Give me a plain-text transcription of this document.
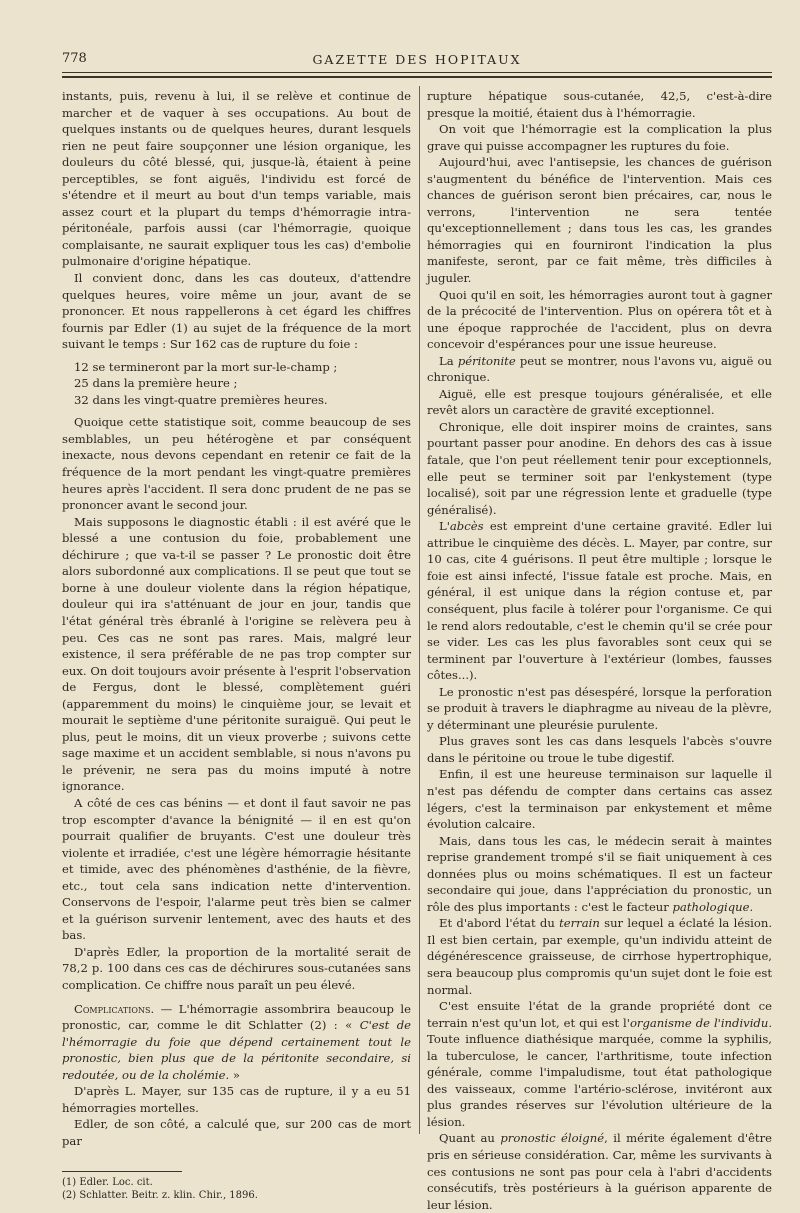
778	GAZETTE DES HOPITAUX

instants, puis, revenu à lui, il se relève et continue de marcher et de vaquer à ses occupations. Au bout de quelques instants ou de quelques heures, durant lesquels rien ne peut faire soupçonner une lésion organique, les douleurs du côté blessé, qui, jusque-là, étaient à peine perceptibles, se font aiguës, l'individu est forcé de s'étendre et il meurt au bout d'un temps variable, mais assez court et la plupart du temps d'hémorragie intra-péritonéale, parfois aussi (car l'hémorragie, quoique complaisante, ne saurait expliquer tous les cas) d'embolie pulmonaire d'origine hépatique.

Il convient donc, dans les cas douteux, d'attendre quelques heures, voire même un jour, avant de se prononcer. Et nous rappellerons à cet égard les chiffres fournis par Edler (1) au sujet de la fréquence de la mort suivant le temps : Sur 162 cas de rupture du foie :

12 se termineront par la mort sur-le-champ ;
25 dans la première heure ;
32 dans les vingt-quatre premières heures.

Quoique cette statistique soit, comme beaucoup de ses semblables, un peu hétérogène et par conséquent inexacte, nous devons cependant en retenir ce fait de la fréquence de la mort pendant les vingt-quatre premières heures après l'accident. Il sera donc prudent de ne pas se prononcer avant le second jour.

Mais supposons le diagnostic établi : il est avéré que le blessé a une contusion du foie, probablement une déchirure ; que va-t-il se passer ? Le pronostic doit être alors subordonné aux complications. Il se peut que tout se borne à une douleur violente dans la région hépatique, douleur qui ira s'atténuant de jour en jour, tandis que l'état général très ébranlé à l'origine se relèvera peu à peu. Ces cas ne sont pas rares. Mais, malgré leur existence, il sera préférable de ne pas trop compter sur eux. On doit toujours avoir présente à l'esprit l'observation de Fergus, dont le blessé, complètement guéri (apparemment du moins) le cinquième jour, se levait et mourait le septième d'une péritonite suraiguë. Qui peut le plus, peut le moins, dit un vieux proverbe ; suivons cette sage maxime et un accident semblable, si nous n'avons pu le prévenir, ne sera pas du moins imputé à notre ignorance.

A côté de ces cas bénins — et dont il faut savoir ne pas trop escompter d'avance la bénignité — il en est qu'on pourrait qualifier de bruyants. C'est une douleur très violente et irradiée, c'est une légère hémorragie hésitante et timide, avec des phénomènes d'asthénie, de la fièvre, etc., tout cela sans indication nette d'intervention. Conservons de l'espoir, l'alarme peut très bien se calmer et la guérison survenir lentement, avec des hauts et des bas.

D'après Edler, la proportion de la mortalité serait de 78,2 p. 100 dans ces cas de déchirures sous-cutanées sans complication. Ce chiffre nous paraît un peu élevé.

Complications. — L'hémorragie assombrira beaucoup le pronostic, car, comme le dit Schlatter (2) : « C'est de l'hémorragie du foie que dépend certainement tout le pronostic, bien plus que de la péritonite secondaire, si redoutée, ou de la cholémie. »

D'après L. Mayer, sur 135 cas de rupture, il y a eu 51 hémorragies mortelles.

Edler, de son côté, a calculé que, sur 200 cas de mort par

(1) Edler. Loc. cit.
(2) Schlatter. Beitr. z. klin. Chir., 1896.

rupture hépatique sous-cutanée, 42,5, c'est-à-dire presque la moitié, étaient dus à l'hémorragie.

On voit que l'hémorragie est la complication la plus grave qui puisse accompagner les ruptures du foie.

Aujourd'hui, avec l'antisepsie, les chances de guérison s'augmentent du bénéfice de l'intervention. Mais ces chances de guérison seront bien précaires, car, nous le verrons, l'intervention ne sera tentée qu'exceptionnellement ; dans tous les cas, les grandes hémorragies qui en fourniront l'indication la plus manifeste, seront, par ce fait même, très difficiles à juguler.

Quoi qu'il en soit, les hémorragies auront tout à gagner de la précocité de l'intervention. Plus on opérera tôt et à une époque rapprochée de l'accident, plus on devra concevoir d'espérances pour une issue heureuse.

La péritonite peut se montrer, nous l'avons vu, aiguë ou chronique.

Aiguë, elle est presque toujours généralisée, et elle revêt alors un caractère de gravité exceptionnel.

Chronique, elle doit inspirer moins de craintes, sans pourtant passer pour anodine. En dehors des cas à issue fatale, que l'on peut réellement tenir pour exceptionnels, elle peut se terminer soit par l'enkystement (type localisé), soit par une régression lente et graduelle (type généralisé).

L'abcès est empreint d'une certaine gravité. Edler lui attribue le cinquième des décès. L. Mayer, par contre, sur 10 cas, cite 4 guérisons. Il peut être multiple ; lorsque le foie est ainsi infecté, l'issue fatale est proche. Mais, en général, il est unique dans la région contuse et, par conséquent, plus facile à tolérer pour l'organisme. Ce qui le rend alors redoutable, c'est le chemin qu'il se crée pour se vider. Les cas les plus favorables sont ceux qui se terminent par l'ouverture à l'extérieur (lombes, fausses côtes...).

Le pronostic n'est pas désespéré, lorsque la perforation se produit à travers le diaphragme au niveau de la plèvre, y déterminant une pleurésie purulente.

Plus graves sont les cas dans lesquels l'abcès s'ouvre dans le péritoine ou troue le tube digestif.

Enfin, il est une heureuse terminaison sur laquelle il n'est pas défendu de compter dans certains cas assez légers, c'est la terminaison par enkystement et même évolution calcaire.

Mais, dans tous les cas, le médecin serait à maintes reprise grandement trompé s'il se fiait uniquement à ces données plus ou moins schématiques. Il est un facteur secondaire qui joue, dans l'appréciation du pronostic, un rôle des plus importants : c'est le facteur pathologique.

Et d'abord l'état du terrain sur lequel a éclaté la lésion. Il est bien certain, par exemple, qu'un individu atteint de dégénérescence graisseuse, de cirrhose hypertrophique, sera beaucoup plus compromis qu'un sujet dont le foie est normal.

C'est ensuite l'état de la grande propriété dont ce terrain n'est qu'un lot, et qui est l'organisme de l'individu. Toute influence diathésique marquée, comme la syphilis, la tuberculose, le cancer, l'arthritisme, toute infection générale, comme l'impaludisme, tout état pathologique des vaisseaux, comme l'artério-sclérose, invitéront aux plus grandes réserves sur l'évolution ultérieure de la lésion.

Quant au pronostic éloigné, il mérite également d'être pris en sérieuse considération. Car, même les survivants à ces contusions ne sont pas pour cela à l'abri d'accidents consécutifs, très postérieurs à la guérison apparente de leur lésion.
